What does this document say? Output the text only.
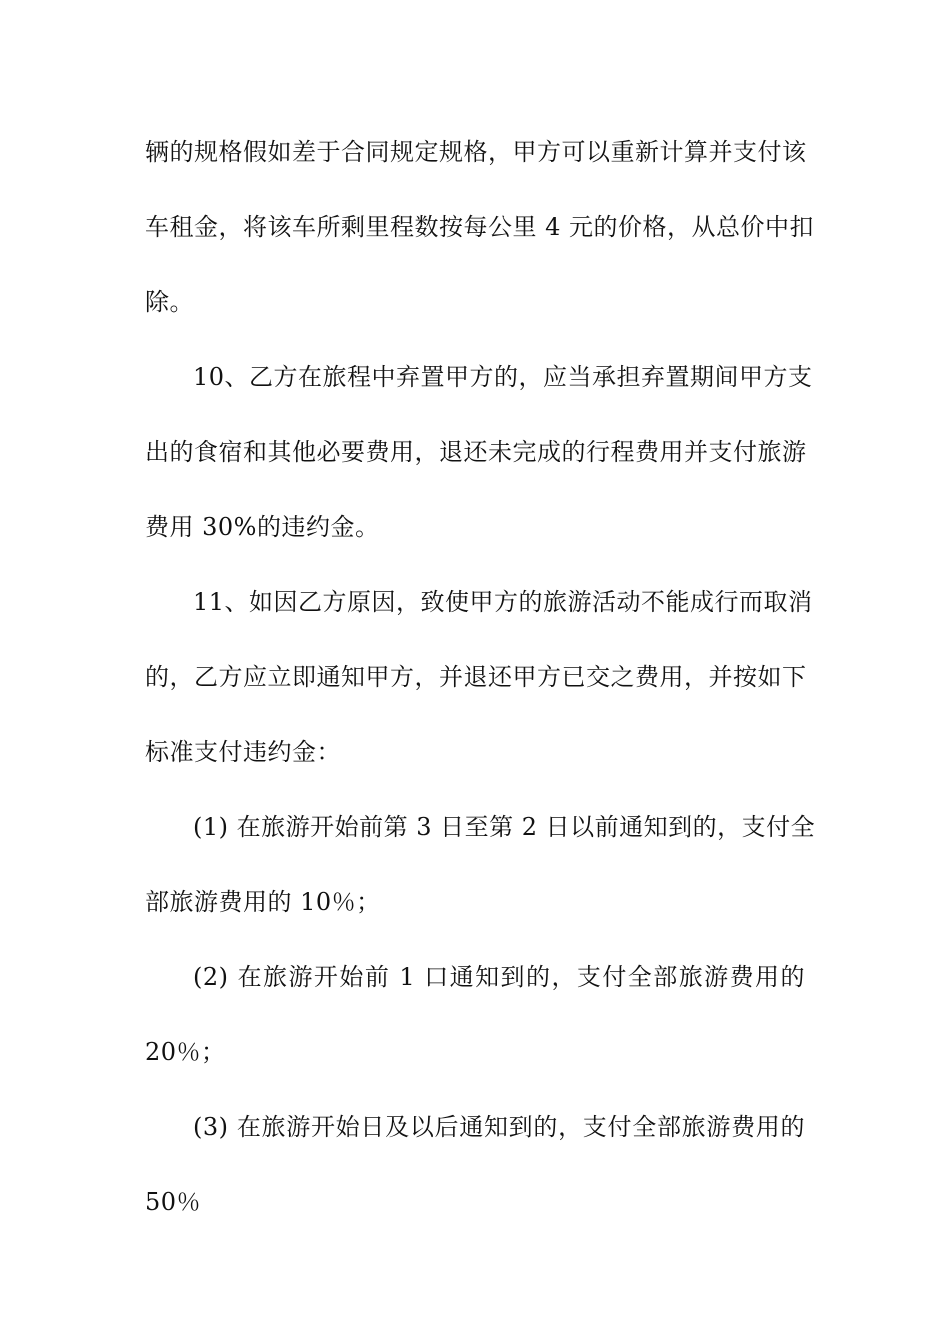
辆的规格假如差于合同规定规格，甲方可以重新计算并支付该
车租金，将该车所剩里程数按每公里 4 元的价格，从总价中扣
除。
10、乙方在旅程中弃置甲方的，应当承担弃置期间甲方支
出的食宿和其他必要费用，退还未完成的行程费用并支付旅游
费用 30%的违约金。
11、如因乙方原因，致使甲方的旅游活动不能成行而取消
的，乙方应立即通知甲方，并退还甲方已交之费用，并按如下
标准支付违约金：
(1) 在旅游开始前第 3 日至第 2 日以前通知到的，支付全
部旅游费用的 10％；
(2) 在旅游开始前 1 口通知到的，支付全部旅游费用的
20％；
(3) 在旅游开始日及以后通知到的，支付全部旅游费用的
50％
